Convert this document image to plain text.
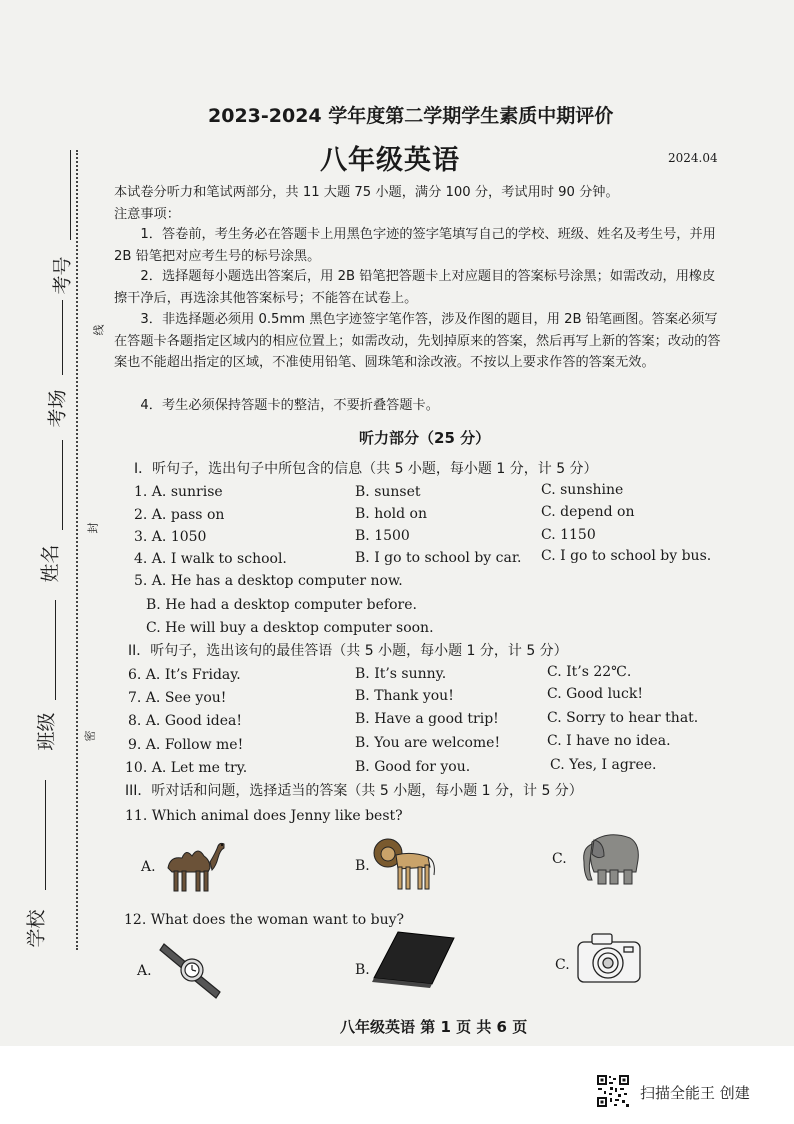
考号
考场
姓名
班级
学校
线
封
密
2023-2024 学年度第二学期学生素质中期评价
八年级英语	2024.04
本试卷分听力和笔试两部分，共 11 大题 75 小题，满分 100 分，考试用时 90 分钟。
注意事项：
1．答卷前，考生务必在答题卡上用黑色字迹的签字笔填写自己的学校、班级、姓名及考生号，并用 2B 铅笔把对应考生号的标号涂黑。
2．选择题每小题选出答案后，用 2B 铅笔把答题卡上对应题目的答案标号涂黑；如需改动，用橡皮擦干净后，再选涂其他答案标号；不能答在试卷上。
3．非选择题必须用 0.5mm 黑色字迹签字笔作答，涉及作图的题目，用 2B 铅笔画图。答案必须写在答题卡各题指定区域内的相应位置上；如需改动，先划掉原来的答案，然后再写上新的答案；改动的答案也不能超出指定的区域，不准使用铅笔、圆珠笔和涂改液。不按以上要求作答的答案无效。
4．考生必须保持答题卡的整洁，不要折叠答题卡。
听力部分（25 分）
I．听句子，选出句子中所包含的信息（共 5 小题，每小题 1 分，计 5 分）
1. A. sunrise	B. sunset	C. sunshine
2. A. pass on	B. hold on	C. depend on
3. A. 1050	B. 1500	C. 1150
4. A. I walk to school.	B. I go to school by car. C. I go to school by bus.
5. A. He has a desktop computer now.
B. He had a desktop computer before.
C. He will buy a desktop computer soon.
II．听句子，选出该句的最佳答语（共 5 小题，每小题 1 分，计 5 分）
6. A. It’s Friday.	B. It’s sunny.	C. It’s 22℃.
7. A. See you!	B. Thank you!	C. Good luck!
8. A. Good idea!	B. Have a good trip!	C. Sorry to hear that.
9. A. Follow me!	B. You are welcome!	C. I have no idea.
10. A. Let me try.	B. Good for you.	C. Yes, I agree.
III．听对话和问题，选择适当的答案（共 5 小题，每小题 1 分，计 5 分）
11. Which animal does Jenny like best?
A.	B.	C.
12. What does the woman want to buy?
A.	B.	C.
八年级英语 第 1 页 共 6 页
扫描全能王 创建
